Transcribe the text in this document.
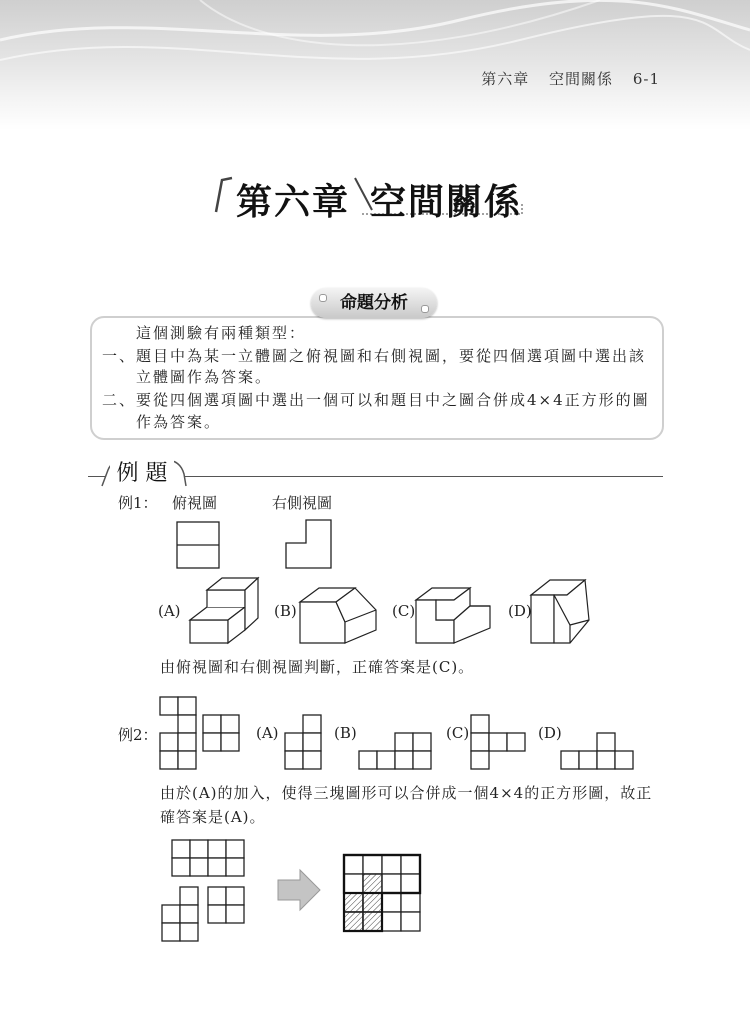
第六章 空間關係 6-1
第六章 空間關係
這個測驗有兩種類型：
一、題目中為某一立體圖之俯視圖和右側視圖，要從四個選項圖中選出該
立體圖作為答案。
二、要從四個選項圖中選出一個可以和題目中之圖合併成4×4正方形的圖
作為答案。
命題分析
例 題
例1： 俯視圖	右側視圖
(A)	(B)	(C)	(D)
由俯視圖和右側視圖判斷，正確答案是(C)。
例2：	(A)	(B)	(C)	(D)
由於(A)的加入，使得三塊圖形可以合併成一個4×4的正方形圖，故正
確答案是(A)。
